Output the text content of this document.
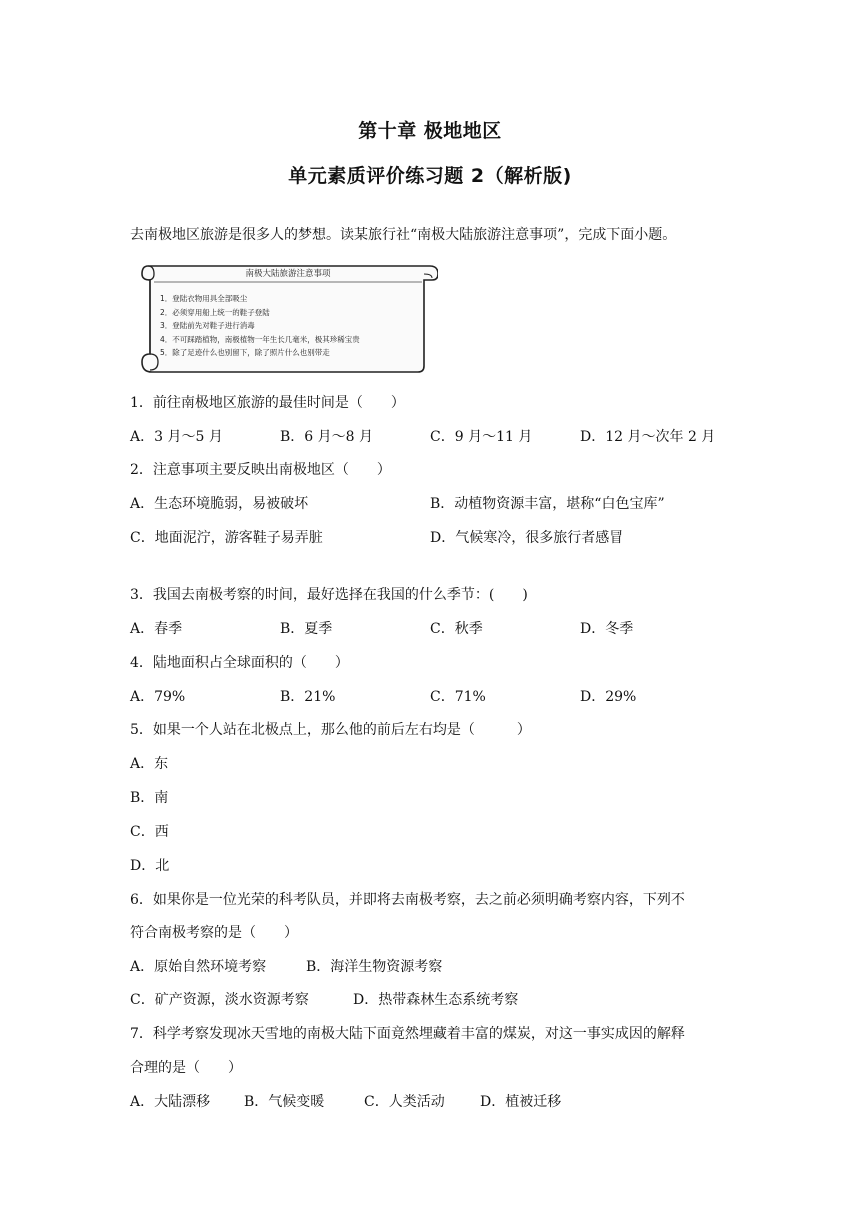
第十章 极地地区
单元素质评价练习题 2（解析版)
去南极地区旅游是很多人的梦想。读某旅行社“南极大陆旅游注意事项”，完成下面小题。
南极大陆旅游注意事项
1．登陆衣物用具全部吸尘
2．必须穿用船上统一的鞋子登陆
3．登陆前先对鞋子进行消毒
4．不可踩踏植物，南极植物一年生长几毫米，极其珍稀宝贵
5．除了足迹什么也别留下，除了照片什么也别带走
1．前往南极地区旅游的最佳时间是（　　）
A．3 月～5 月	B．6 月～8 月	C．9 月～11 月	D．12 月～次年 2 月
2．注意事项主要反映出南极地区（　　）
A．生态环境脆弱，易被破坏	B．动植物资源丰富，堪称“白色宝库”
C．地面泥泞，游客鞋子易弄脏	D．气候寒冷，很多旅行者感冒
3．我国去南极考察的时间，最好选择在我国的什么季节：(　　)
A．春季	B．夏季	C．秋季	D．冬季
4．陆地面积占全球面积的（　　）
A．79%	B．21%	C．71%	D．29%
5．如果一个人站在北极点上，那么他的前后左右均是（　　　）
A．东
B．南
C．西
D．北
6．如果你是一位光荣的科考队员，并即将去南极考察，去之前必须明确考察内容，下列不
符合南极考察的是（　　）
A．原始自然环境考察	B．海洋生物资源考察
C．矿产资源，淡水资源考察	D．热带森林生态系统考察
7．科学考察发现冰天雪地的南极大陆下面竟然埋藏着丰富的煤炭，对这一事实成因的解释
合理的是（　　）
A．大陆漂移 B．气候变暖	C．人类活动	D．植被迁移
